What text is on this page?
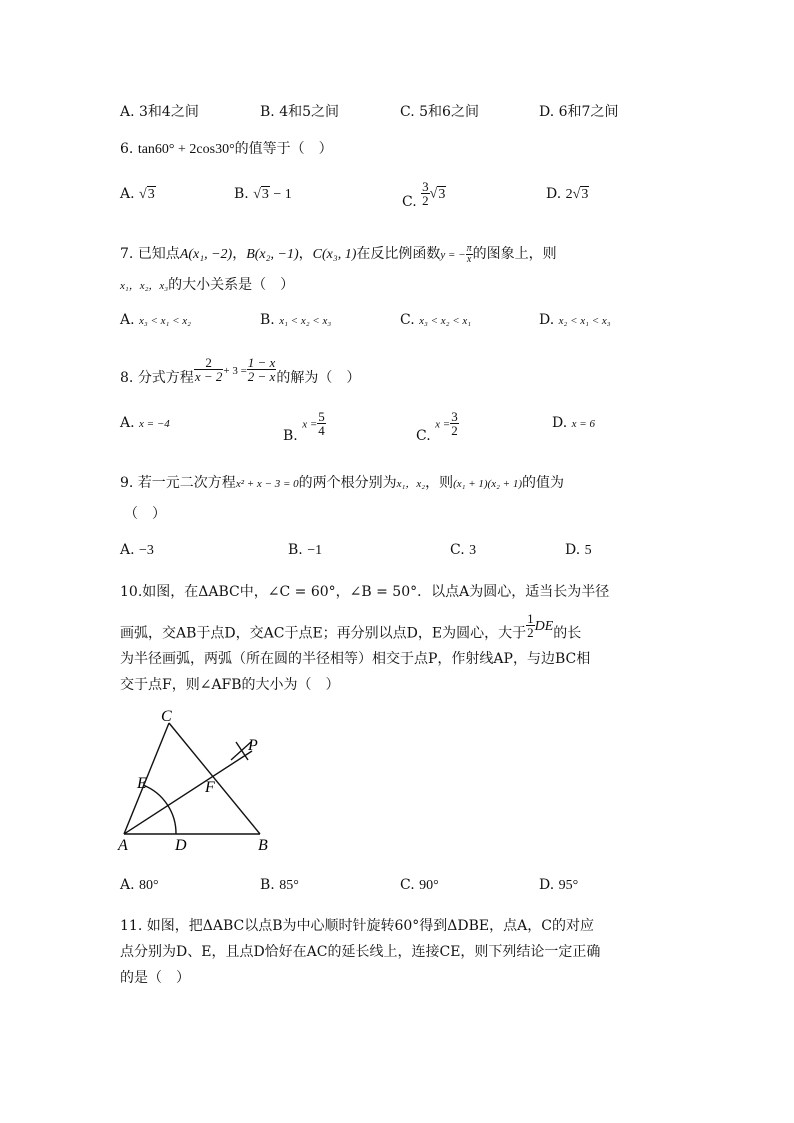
A. 3和4之间	B. 4和5之间	C. 5和6之间	D. 6和7之间
6. tan60° + 2cos30°的值等于（　）
A. √3	B. √3 − 1	C. $\frac{3}{2} √3$	D. 2√3
7. 已知点A(x₁, −2)，B(x₂, −1)，C(x₃, 1)在反比例函数y = − $\frac{\pi}{x}$ 的图象上，则
x₁，x₂，x₃的大小关系是（　）
A. x₃ < x₁ < x₂	B. x₁ < x₂ < x₃	C. x₃ < x₂ < x₁	D. x₂ < x₁ < x₃
8. 分式方程 $\frac{2}{x - 2} + 3 = \frac{1 - x}{2 - x}$ 的解为（　）
A. x = −4
B. $x = \frac{5}{4}$	C. $x = \frac{3}{2}$	D. x = 6
9. 若一元二次方程x² + x − 3 = 0的两个根分别为x₁，x₂，则(x₁ + 1)(x₂ + 1)的值为
（　）
A. −3	B. −1	C. 3	D. 5
10.如图，在ΔABC中，∠C = 60°，∠B = 50°．以点A为圆心，适当长为半径
画弧，交AB于点D，交AC于点E；再分别以点D，E为圆心，大于 $\frac{1}{2}$ DE的长
为半径画弧，两弧（所在圆的半径相等）相交于点P，作射线AP，与边BC相
交于点F，则∠AFB的大小为（　）
C
P
E	F
A	D	B
A. 80°	B. 85°	C. 90°	D. 95°
11. 如图，把ΔABC以点B为中心顺时针旋转60°得到ΔDBE，点A，C的对应
点分别为D、E，且点D恰好在AC的延长线上，连接CE，则下列结论一定正确
的是（　）
